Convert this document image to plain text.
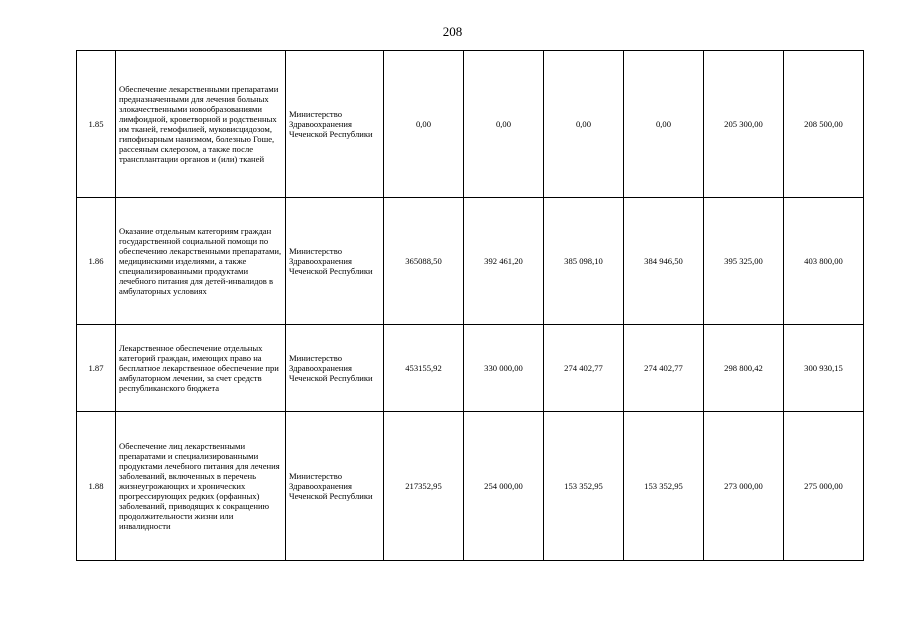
208
1.85	Обеспечение лекарственными препаратами предназначенными для лечения больных злокачественными новообразованиями лимфоидной, кроветворной и родственных им тканей, гемофилией, муковисцидозом, гипофизарным нанизмом, болезнью Гоше, рассеяным склерозом, а также после трансплантации органов и (или) тканей	Министерство Здравоохранения Чеченской Республики	0,00	0,00	0,00	0,00	205 300,00	208 500,00
1.86	Оказание отдельным категориям граждан государственной социальной помощи по обеспечению лекарственными препаратами, медицинскими изделиями, а также специализированными продуктами лечебного питания для детей-инвалидов в амбулаторных условиях	Министерство Здравоохранения Чеченской Республики	365088,50	392 461,20	385 098,10	384 946,50	395 325,00	403 800,00
1.87	Лекарственное обеспечение отдельных категорий граждан, имеющих право на бесплатное лекарственное обеспечение при амбулаторном лечении, за счет средств республиканского бюджета	Министерство Здравоохранения Чеченской Республики	453155,92	330 000,00	274 402,77	274 402,77	298 800,42	300 930,15
1.88	Обеспечение лиц лекарственными препаратами и специализированными продуктами лечебного питания для лечения заболеваний, включенных в перечень жизнеугрожающих и хронических прогрессирующих редких (орфанных) заболеваний, приводящих к сокращению продолжительности жизни или инвалидности	Министерство Здравоохранения Чеченской Республики	217352,95	254 000,00	153 352,95	153 352,95	273 000,00	275 000,00
